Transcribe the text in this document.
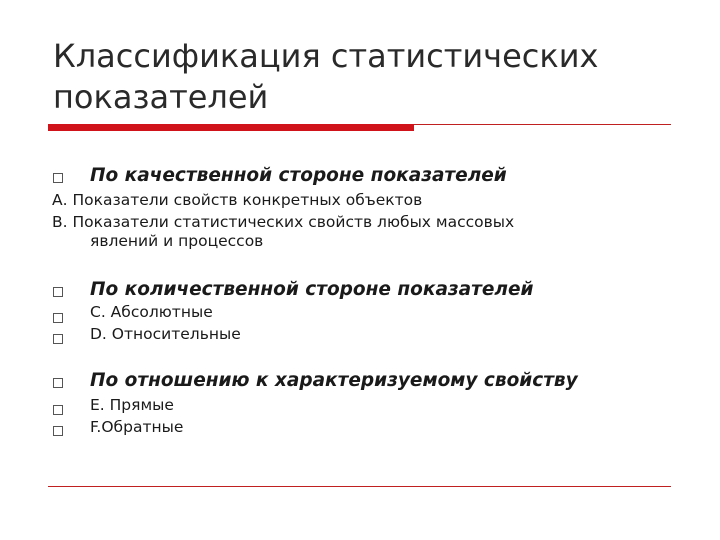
Классификация статистических показателей
По качественной стороне показателей
А. Показатели свойств конкретных объектов
В. Показатели статистических свойств любых массовых
явлений и процессов
По количественной стороне показателей
С. Абсолютные
D. Относительные
По отношению к характеризуемому свойству
Е. Прямые
F.Обратные
